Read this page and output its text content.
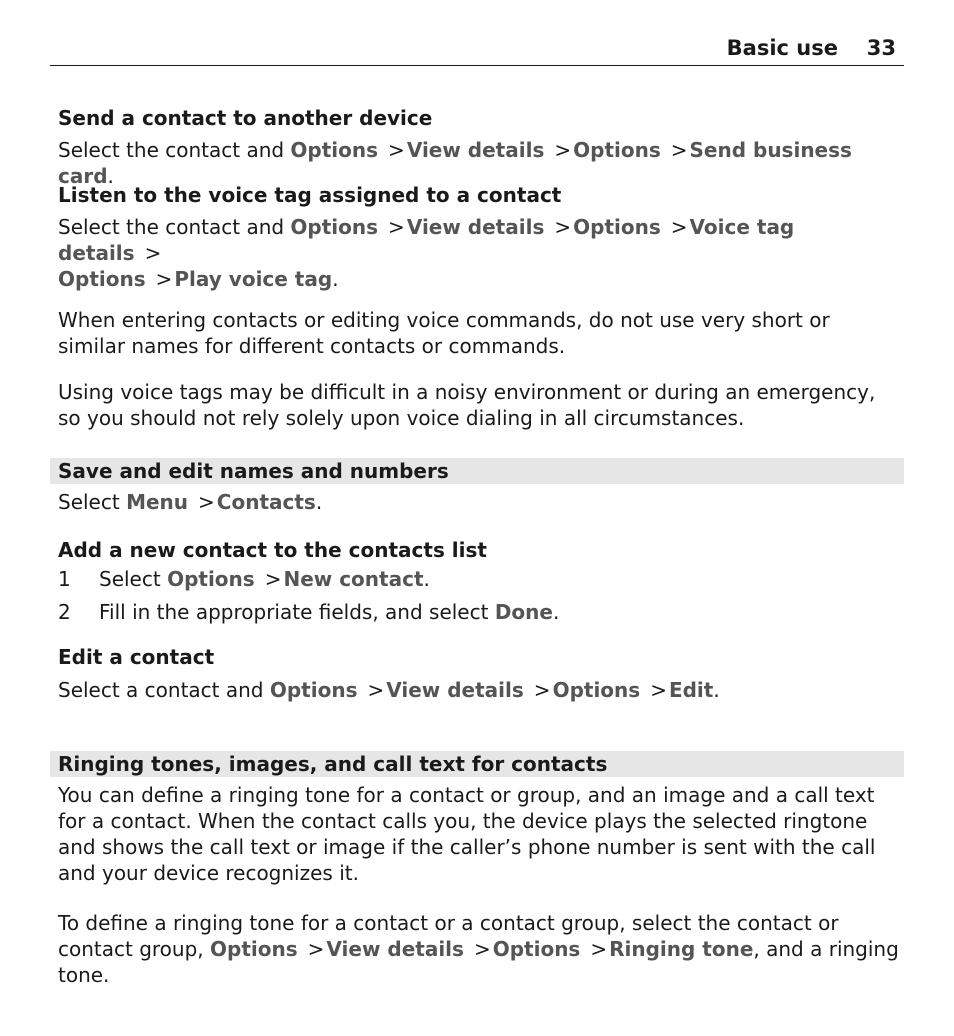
Basic use 33
Send a contact to another device
Select the contact and Options > View details > Options > Send business card.
Listen to the voice tag assigned to a contact
Select the contact and Options > View details > Options > Voice tag details >
Options > Play voice tag.
When entering contacts or editing voice commands, do not use very short or similar names for different contacts or commands.
Using voice tags may be difficult in a noisy environment or during an emergency, so you should not rely solely upon voice dialing in all circumstances.
Save and edit names and numbers
Select Menu > Contacts.
Add a new contact to the contacts list
1 Select Options > New contact.
2 Fill in the appropriate fields, and select Done.
Edit a contact
Select a contact and Options > View details > Options > Edit.
Ringing tones, images, and call text for contacts
You can define a ringing tone for a contact or group, and an image and a call text for a contact. When the contact calls you, the device plays the selected ringtone and shows the call text or image if the caller’s phone number is sent with the call and your device recognizes it.
To define a ringing tone for a contact or a contact group, select the contact or contact group, Options > View details > Options > Ringing tone, and a ringing tone.
